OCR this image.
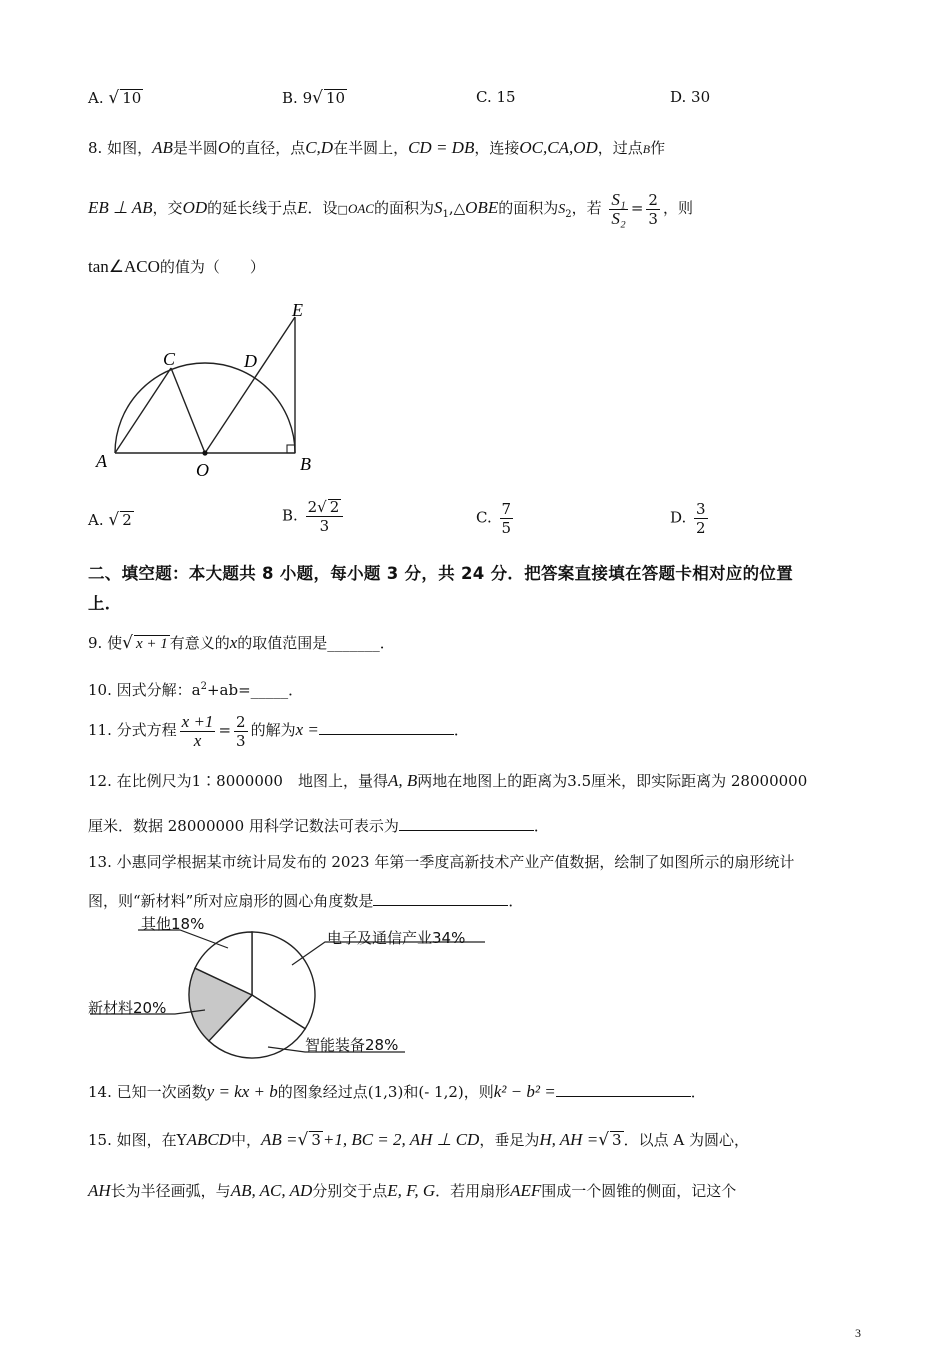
A. √ 10	B. 9√ 10	C. 15	D. 30
8. 如图，AB是半圆O的直径，点C,D在半圆上，CD = DB，连接OC,CA,OD，过点B作
EB ⊥ AB，交OD的延长线于点E．设□OAC的面积为$S_1,\triangle OBE$的面积为$S_2$，若 $\frac{\text{S₁}}{\text{S₂}} = \frac{2}{3}$ ，则
tan∠ACO的值为（　　）
A	O	B
C	D
E
A. √ 2	B. $\frac{2√ 2}{3}$	C. $\frac{7}{5}$	D. $\frac{3}{2}$
二、填空题：本大题共 8 小题，每小题 3 分，共 24 分．把答案直接填在答题卡相对应的位置
上．
9. 使√ x + 1 有意义的x的取值范围是_______．
10. 因式分解：$a^2+ab=\_\_\_\_\_$．
11. 分式方程 $\frac{x +1}{x} = \frac{2}{3}$ 的解为x =	．
12. 在比例尺为1∶8000000　地图上，量得A, B两地在地图上的距离为3.5厘米，即实际距离为 28000000
厘米．数据 28000000 用科学记数法可表示为	．
13. 小惠同学根据某市统计局发布的 2023 年第一季度高新技术产业产值数据，绘制了如图所示的扇形统计
图，则“新材料”所对应扇形的圆心角度数是	．
其他18%
电子及通信产业34%
新材料20%
智能装备28%
14. 已知一次函数y = kx + b的图象经过点(1,3)和(- 1,2)，则k² − b² =	．
15. 如图，在YABCD中，AB =√ 3 +1, BC = 2, AH ⊥ CD，垂足为H, AH =√ 3 ．以点 A 为圆心，
AH长为半径画弧，与AB, AC, AD分别交于点E, F, G．若用扇形AEF围成一个圆锥的侧面，记这个
3
